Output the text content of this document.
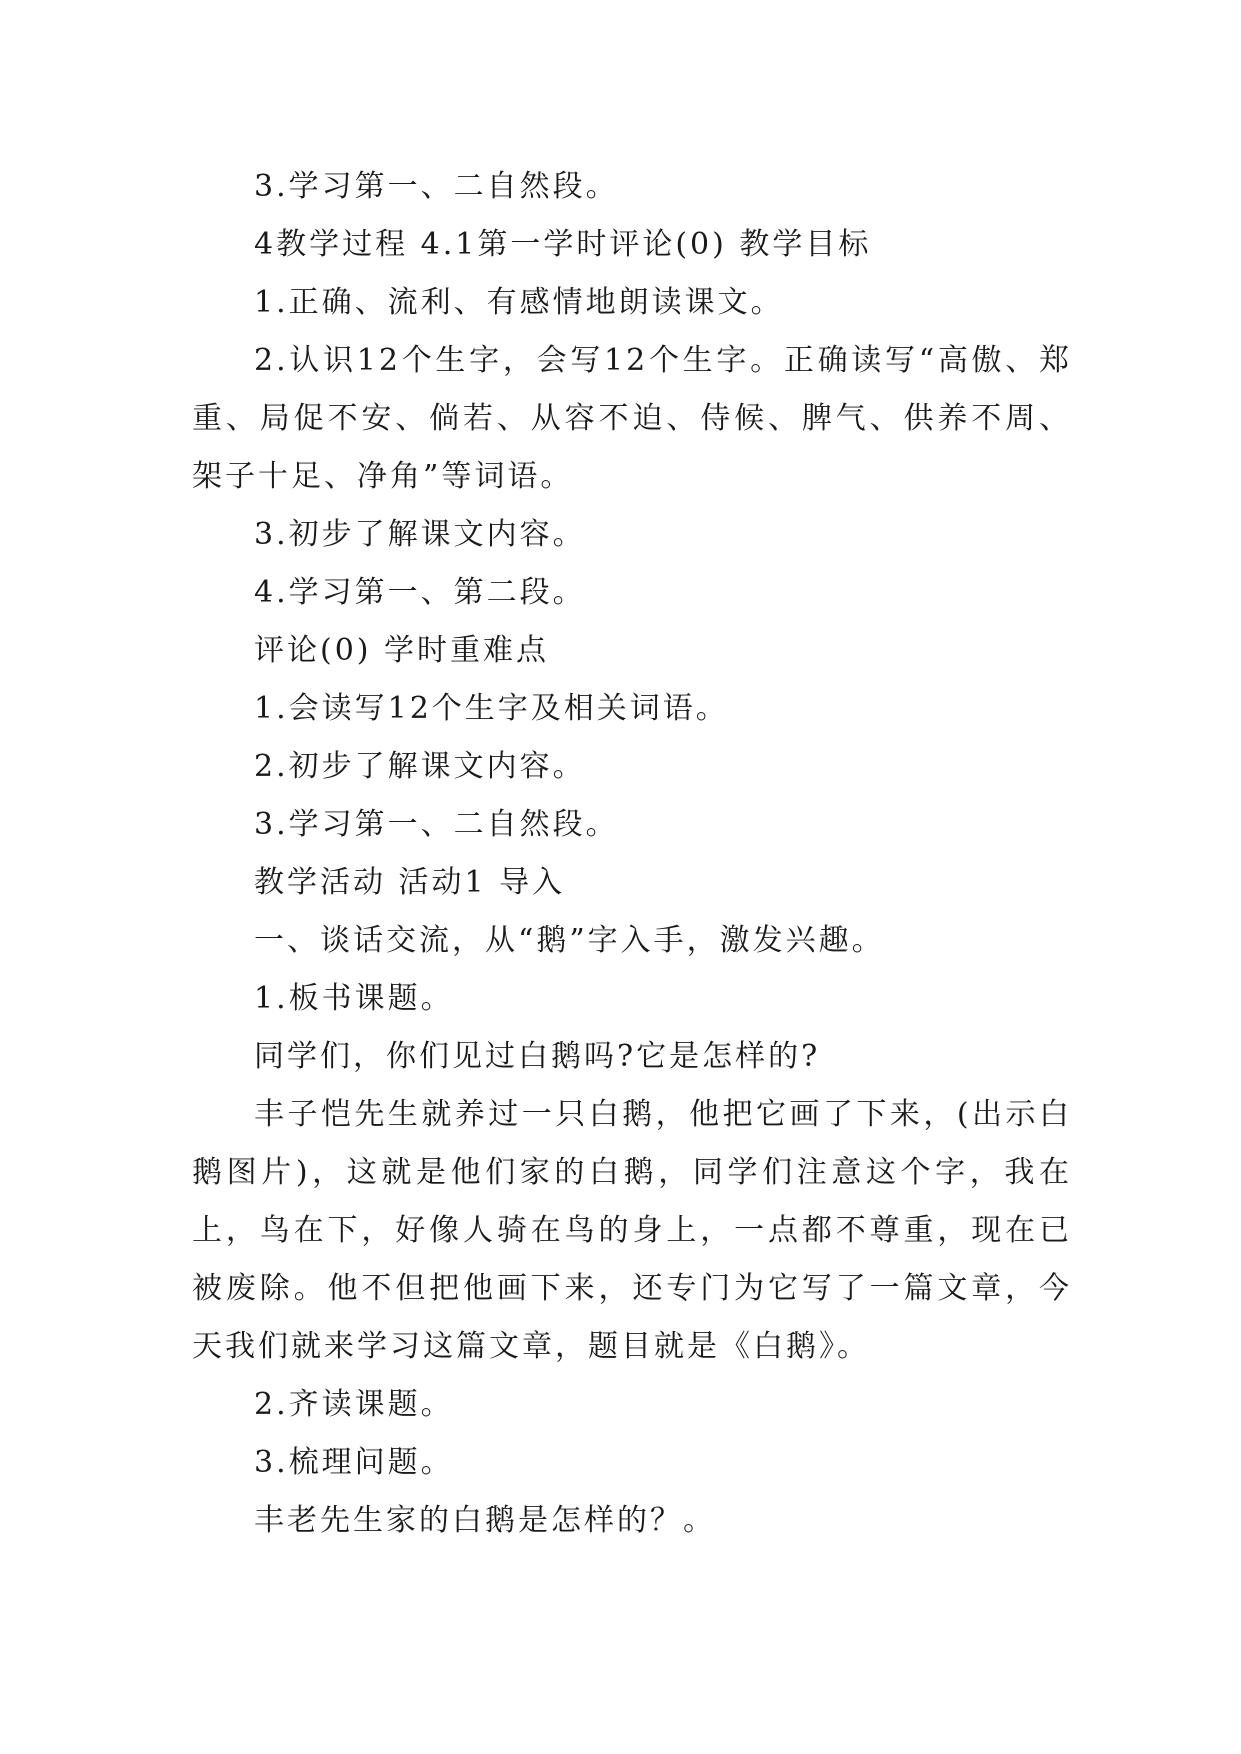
3.学习第一、二自然段。

4教学过程 4.1第一学时评论(0) 教学目标

1.正确、流利、有感情地朗读课文。

2.认识12个生字，会写12个生字。正确读写“高傲、郑重、局促不安、倘若、从容不迫、侍候、脾气、供养不周、架子十足、净角”等词语。

3.初步了解课文内容。

4.学习第一、第二段。

评论(0) 学时重难点

1.会读写12个生字及相关词语。

2.初步了解课文内容。

3.学习第一、二自然段。

教学活动 活动1 导入

一、谈话交流，从“鹅”字入手，激发兴趣。

1.板书课题。

同学们，你们见过白鹅吗?它是怎样的?

丰子恺先生就养过一只白鹅，他把它画了下来，(出示白鹅图片)，这就是他们家的白鹅，同学们注意这个字，我在上，鸟在下，好像人骑在鸟的身上，一点都不尊重，现在已被废除。他不但把他画下来，还专门为它写了一篇文章，今天我们就来学习这篇文章，题目就是《白鹅》。

2.齐读课题。

3.梳理问题。

丰老先生家的白鹅是怎样的？。
